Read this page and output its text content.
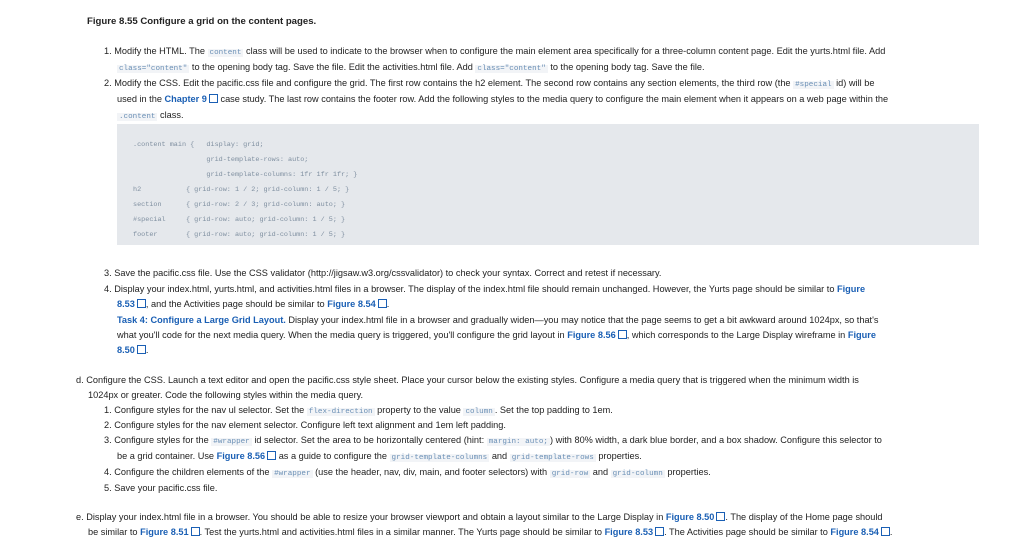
Figure 8.55 Configure a grid on the content pages.
1. Modify the HTML. The content class will be used to indicate to the browser when to configure the main element area specifically for a three-column content page. Edit the yurts.html file. Add
class="content" to the opening body tag. Save the file. Edit the activities.html file. Add class="content" to the opening body tag. Save the file.
2. Modify the CSS. Edit the pacific.css file and configure the grid. The first row contains the h2 element. The second row contains any section elements, the third row (the #special id) will be
used in the Chapter 9 case study. The last row contains the footer row. Add the following styles to the media query to configure the main element when it appears on a web page within the
.content class.
.content main {   display: grid;
grid-template-rows: auto;
grid-template-columns: 1fr 1fr 1fr; }
h2           { grid-row: 1 / 2; grid-column: 1 / 5; }
section      { grid-row: 2 / 3; grid-column: auto; }
#special     { grid-row: auto; grid-column: 1 / 5; }
footer       { grid-row: auto; grid-column: 1 / 5; }
3. Save the pacific.css file. Use the CSS validator (http://jigsaw.w3.org/cssvalidator) to check your syntax. Correct and retest if necessary.
4. Display your index.html, yurts.html, and activities.html files in a browser. The display of the index.html file should remain unchanged. However, the Yurts page should be similar to Figure
8.53 , and the Activities page should be similar to Figure 8.54 .
Task 4: Configure a Large Grid Layout. Display your index.html file in a browser and gradually widen—you may notice that the page seems to get a bit awkward around 1024px, so that's
what you'll code for the next media query. When the media query is triggered, you'll configure the grid layout in Figure 8.56 , which corresponds to the Large Display wireframe in Figure
8.50 .
d. Configure the CSS. Launch a text editor and open the pacific.css style sheet. Place your cursor below the existing styles. Configure a media query that is triggered when the minimum width is
1024px or greater. Code the following styles within the media query.
1. Configure styles for the nav ul selector. Set the flex-direction property to the value column . Set the top padding to 1em.
2. Configure styles for the nav element selector. Configure left text alignment and 1em left padding.
3. Configure styles for the #wrapper id selector. Set the area to be horizontally centered (hint: margin: auto; ) with 80% width, a dark blue border, and a box shadow. Configure this selector to
be a grid container. Use Figure 8.56 as a guide to configure the grid-template-columns and grid-template-rows properties.
4. Configure the children elements of the #wrapper (use the header, nav, div, main, and footer selectors) with grid-row and grid-column properties.
5. Save your pacific.css file.
e. Display your index.html file in a browser. You should be able to resize your browser viewport and obtain a layout similar to the Large Display in Figure 8.50 . The display of the Home page should
be similar to Figure 8.51 . Test the yurts.html and activities.html files in a similar manner. The Yurts page should be similar to Figure 8.53 . The Activities page should be similar to Figure 8.54 .
